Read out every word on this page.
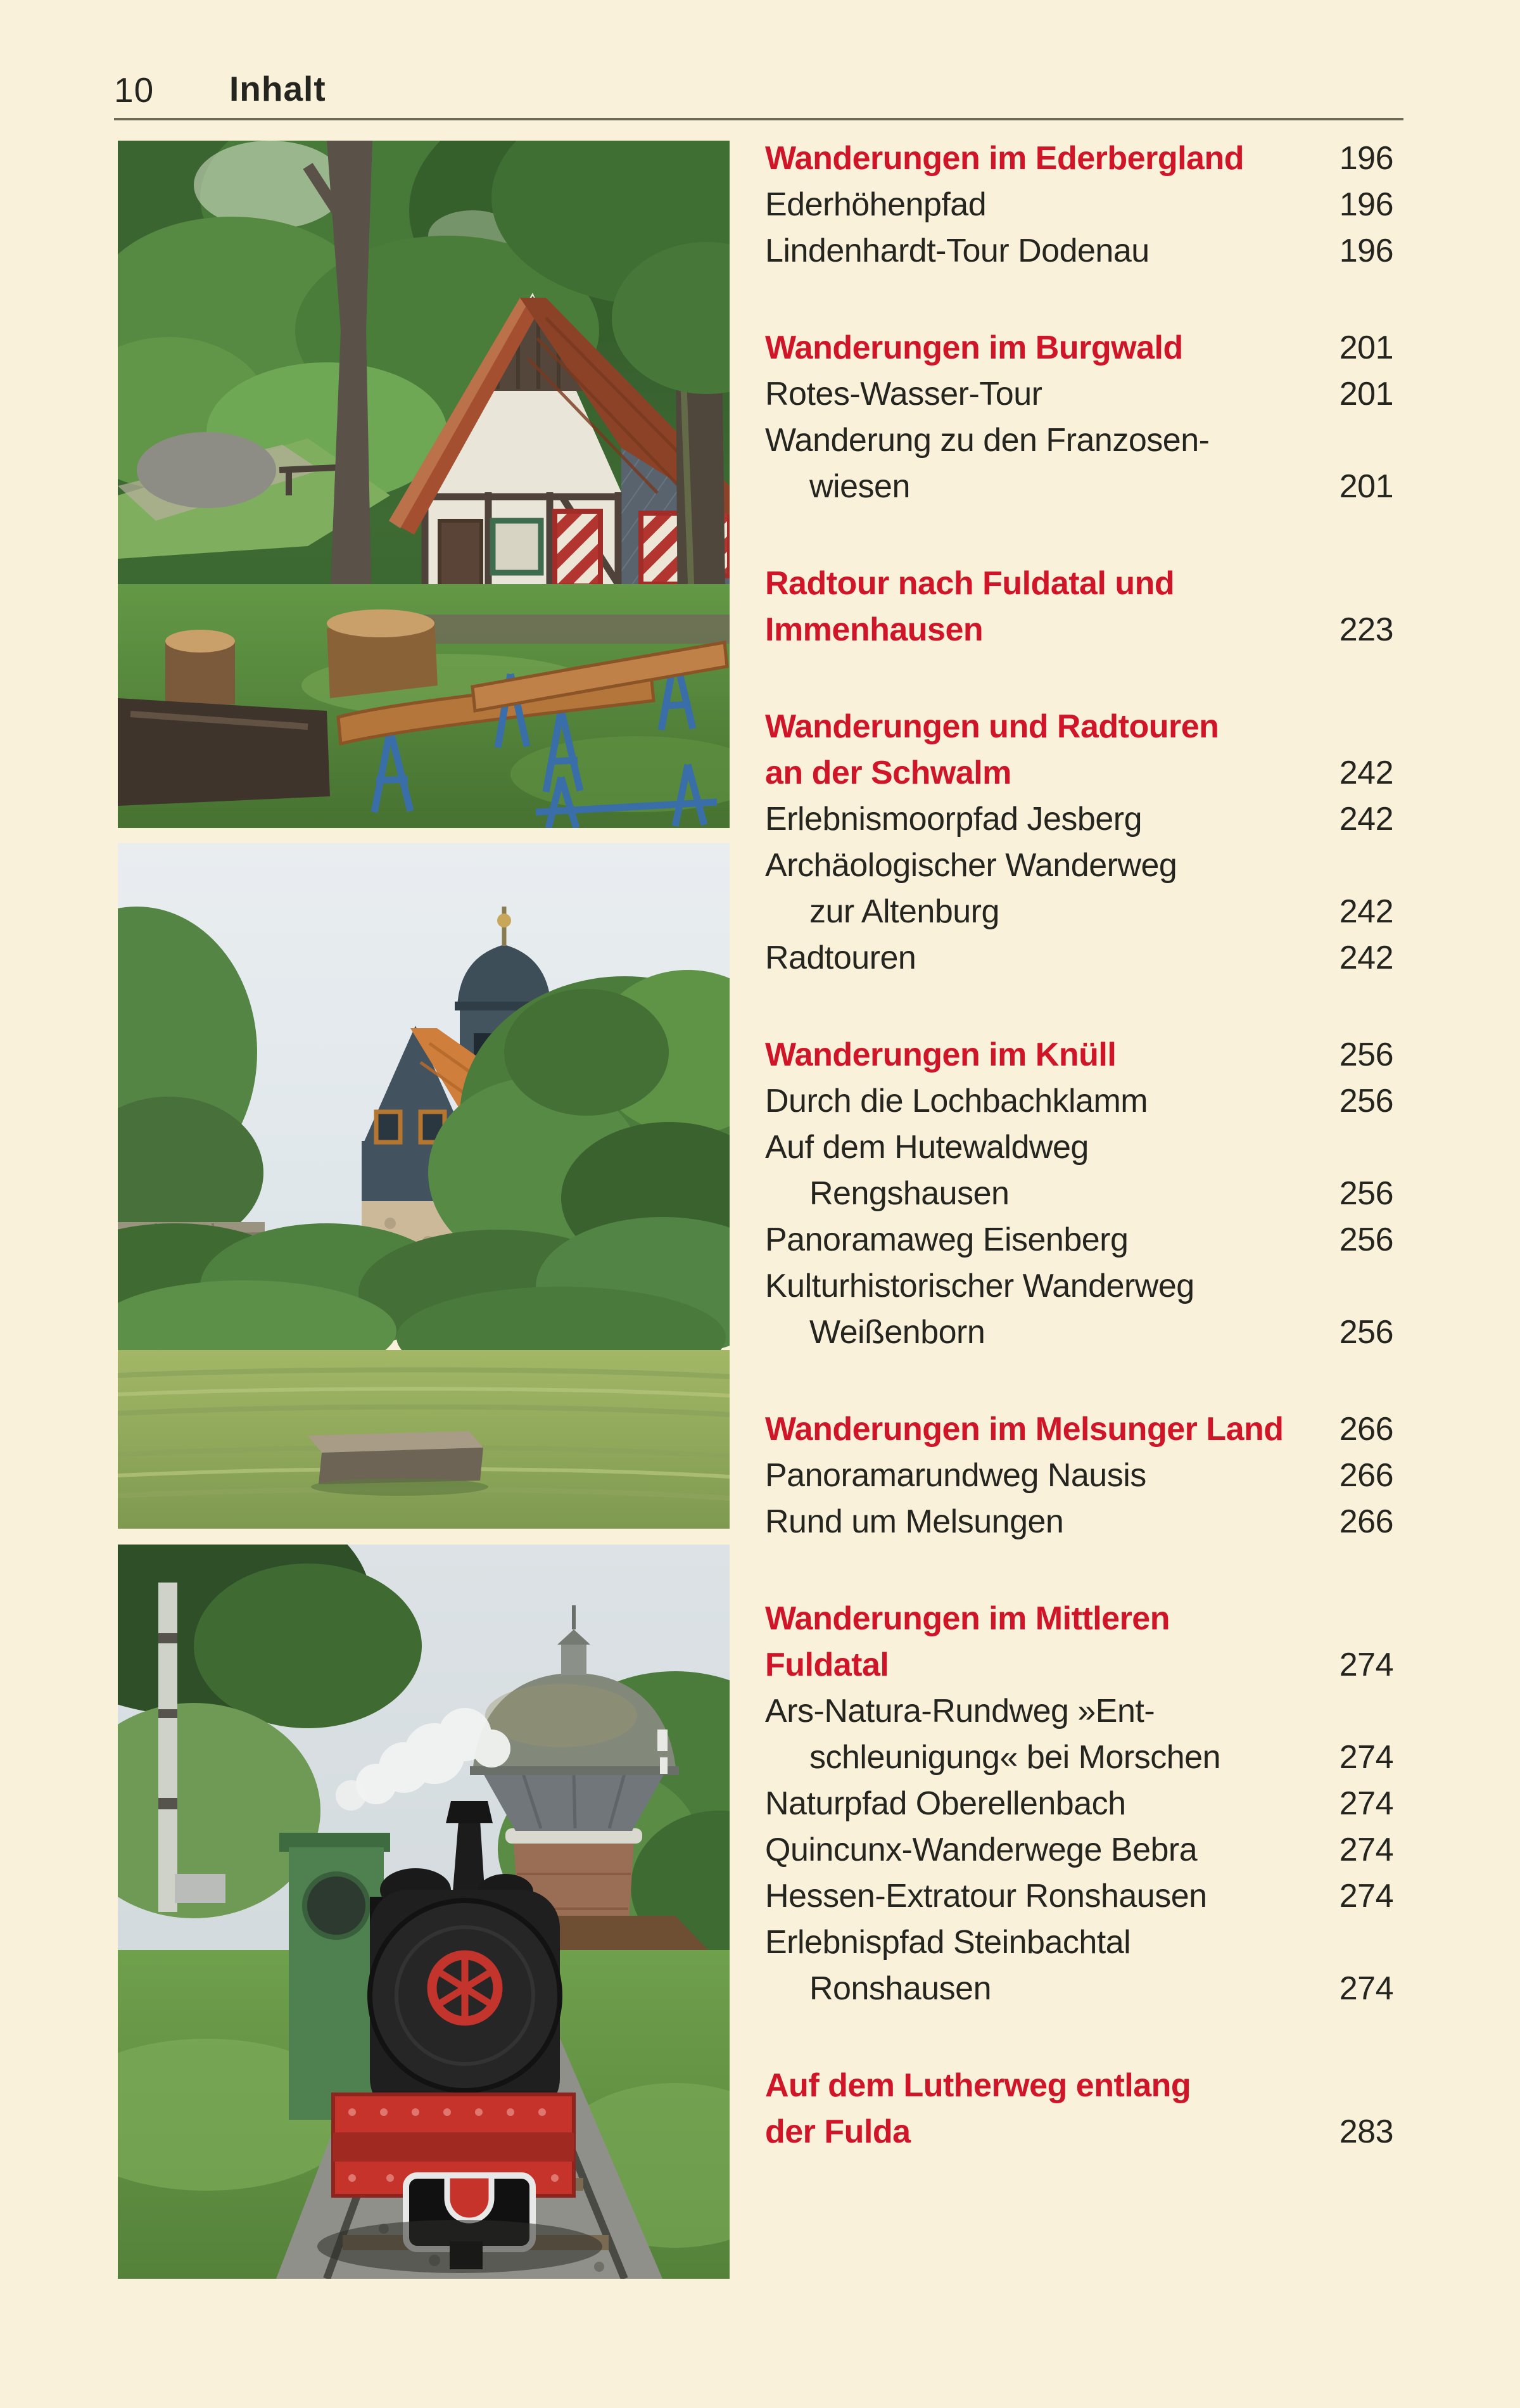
10 Inhalt
Wanderungen im Ederbergland	196
Ederhöhenpfad	196
Lindenhardt-Tour Dodenau	196
Wanderungen im Burgwald	201
Rotes-Wasser-Tour	201
Wanderung zu den Franzosen-
wiesen	201
Radtour nach Fuldatal und
Immenhausen	223
Wanderungen und Radtouren
an der Schwalm	242
Erlebnismoorpfad Jesberg	242
Archäologischer Wanderweg
zur Altenburg	242
Radtouren	242
Wanderungen im Knüll	256
Durch die Lochbachklamm	256
Auf dem Hutewaldweg
Rengshausen	256
Panoramaweg Eisenberg	256
Kulturhistorischer Wanderweg
Weißenborn	256
Wanderungen im Melsunger Land 266
Panoramarundweg Nausis	266
Rund um Melsungen	266
Wanderungen im Mittleren
Fuldatal	274
Ars-Natura-Rundweg »Ent-
schleunigung« bei Morschen	274
Naturpfad Oberellenbach	274
Quincunx-Wanderwege Bebra	274
Hessen-Extratour Ronshausen	274
Erlebnispfad Steinbachtal
Ronshausen	274
Auf dem Lutherweg entlang
der Fulda	283
